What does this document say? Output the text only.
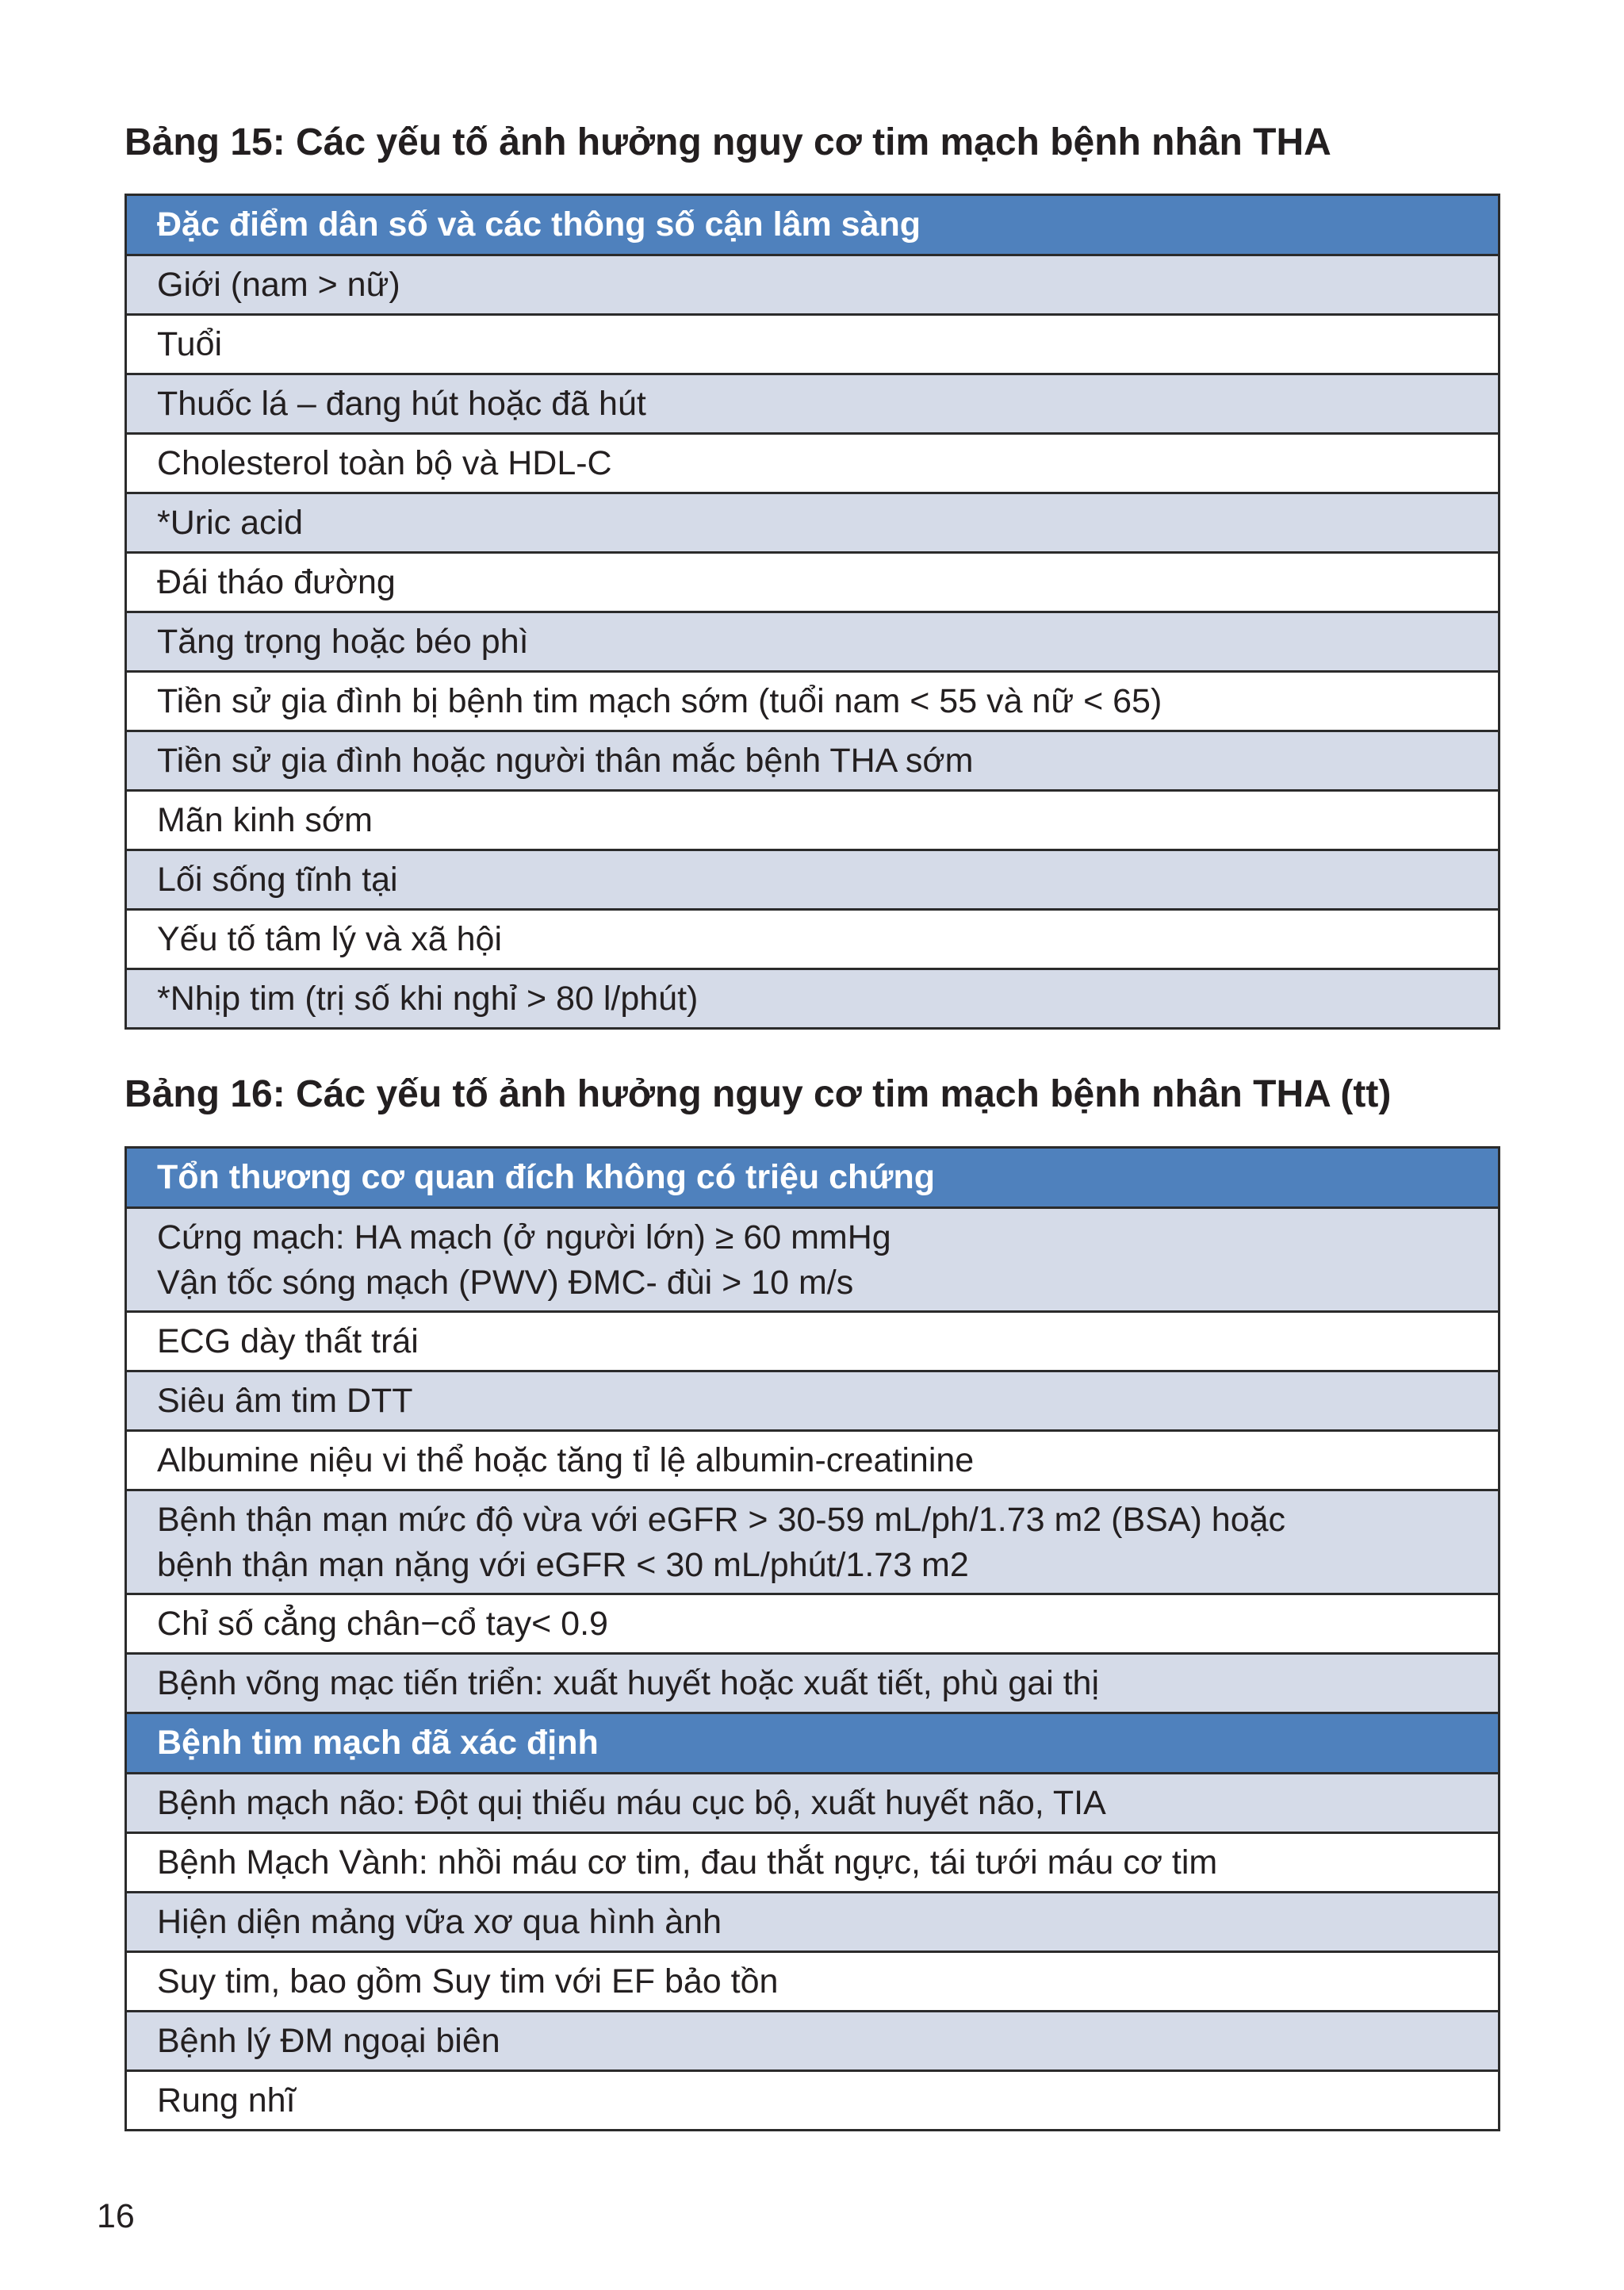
Bảng 15: Các yếu tố ảnh hưởng nguy cơ tim mạch bệnh nhân THA
Đặc điểm dân số và các thông số cận lâm sàng
Giới (nam > nữ)
Tuổi
Thuốc lá – đang hút hoặc đã hút
Cholesterol toàn bộ và HDL-C
*Uric acid
Đái tháo đường
Tăng trọng hoặc béo phì
Tiền sử gia đình bị bệnh tim mạch sớm (tuổi nam < 55 và nữ < 65)
Tiền sử gia đình hoặc người thân mắc bệnh THA sớm
Mãn kinh sớm
Lối sống tĩnh tại
Yếu tố tâm lý và xã hội
*Nhịp tim (trị số khi nghỉ > 80 l/phút)
Bảng 16: Các yếu tố ảnh hưởng nguy cơ tim mạch bệnh nhân THA (tt)
Tổn thương cơ quan đích không có triệu chứng

Cứng mạch: HA mạch (ở người lớn) ≥ 60 mmHg
Vận tốc sóng mạch (PWV) ĐMC- đùi > 10 m/s

ECG dày thất trái
Siêu âm tim DTT
Albumine niệu vi thể hoặc tăng tỉ lệ albumin-creatinine

Bệnh thận mạn mức độ vừa với eGFR > 30-59 mL/ph/1.73 m2 (BSA) hoặc
bệnh thận mạn nặng với eGFR < 30 mL/phút/1.73 m2

Chỉ số cẳng chân−cổ tay< 0.9
Bệnh võng mạc tiến triển: xuất huyết hoặc xuất tiết, phù gai thị
Bệnh tim mạch đã xác định
Bệnh mạch não: Đột quị thiếu máu cục bộ, xuất huyết não, TIA
Bệnh Mạch Vành: nhồi máu cơ tim, đau thắt ngực, tái tưới máu cơ tim
Hiện diện mảng vữa xơ qua hình ành
Suy tim, bao gồm Suy tim với EF bảo tồn
Bệnh lý ĐM ngoại biên
Rung nhĩ
16
